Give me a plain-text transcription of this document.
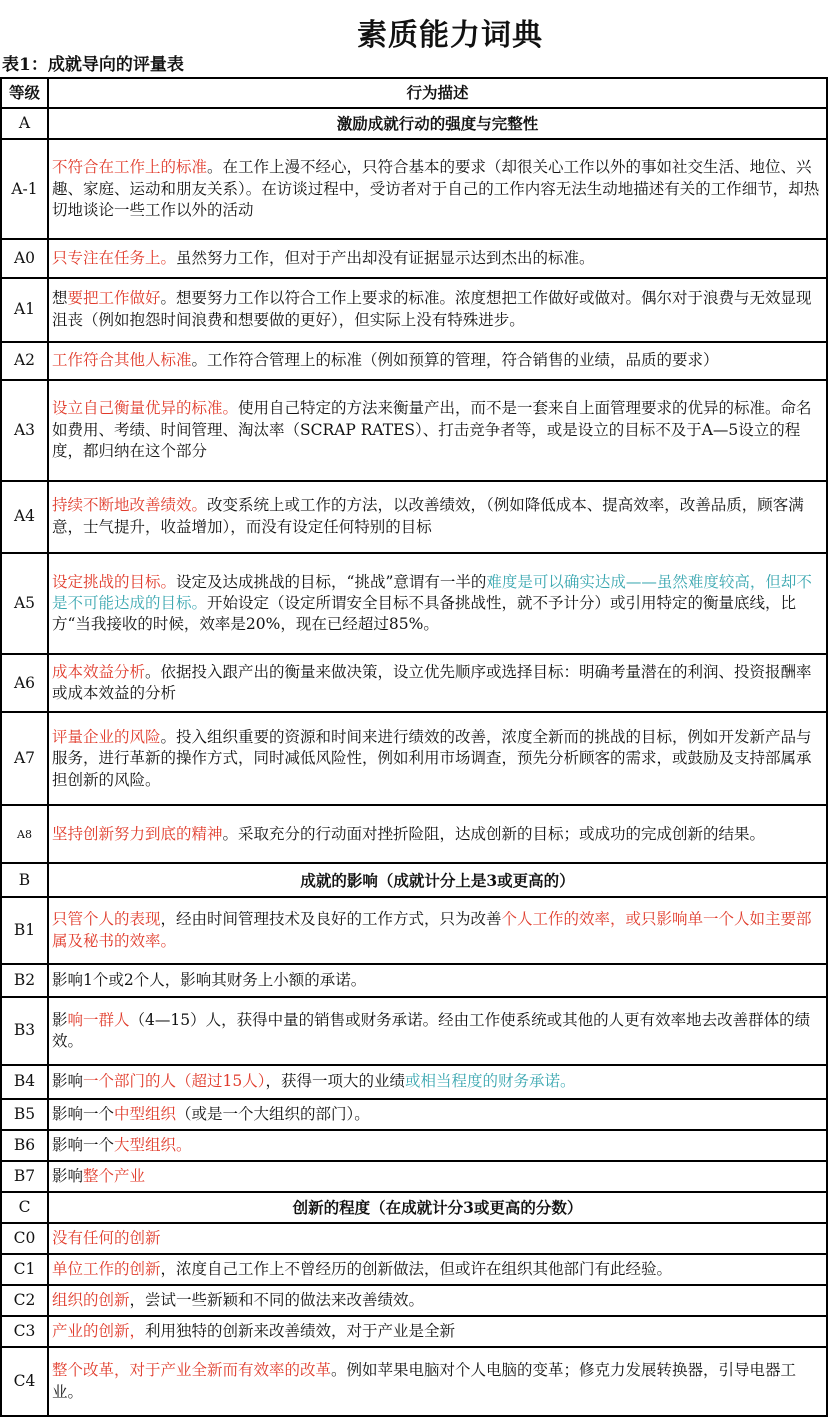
素质能力词典
表1：成就导向的评量表
等级	行为描述
A	激励成就行动的强度与完整性
A-1	不符合在工作上的标准。在工作上漫不经心，只符合基本的要求（却很关心工作以外的事如社交生活、地位、兴趣、家庭、运动和朋友关系）。在访谈过程中，受访者对于自己的工作内容无法生动地描述有关的工作细节，却热切地谈论一些工作以外的活动
A0	只专注在任务上。虽然努力工作，但对于产出却没有证据显示达到杰出的标准。
A1	想要把工作做好。想要努力工作以符合工作上要求的标准。浓度想把工作做好或做对。偶尔对于浪费与无效显现沮丧（例如抱怨时间浪费和想要做的更好），但实际上没有特殊进步。
A2	工作符合其他人标准。工作符合管理上的标准（例如预算的管理，符合销售的业绩，品质的要求）
A3	设立自己衡量优异的标准。使用自己特定的方法来衡量产出，而不是一套来自上面管理要求的优异的标准。命名如费用、考绩、时间管理、淘汰率（SCRAP RATES）、打击竞争者等，或是设立的目标不及于A—5设立的程度，都归纳在这个部分
A4	持续不断地改善绩效。改变系统上或工作的方法，以改善绩效，（例如降低成本、提高效率，改善品质，顾客满意，士气提升，收益增加），而没有设定任何特别的目标
A5	设定挑战的目标。设定及达成挑战的目标，“挑战”意谓有一半的难度是可以确实达成——虽然难度较高，但却不是不可能达成的目标。开始设定（设定所谓安全目标不具备挑战性，就不予计分）或引用特定的衡量底线，比方“当我接收的时候，效率是20%，现在已经超过85%。
A6	成本效益分析。依据投入跟产出的衡量来做决策，设立优先顺序或选择目标：明确考量潜在的利润、投资报酬率或成本效益的分析
A7	评量企业的风险。投入组织重要的资源和时间来进行绩效的改善，浓度全新而的挑战的目标，例如开发新产品与服务，进行革新的操作方式，同时减低风险性，例如利用市场调查，预先分析顾客的需求，或鼓励及支持部属承担创新的风险。
A8	坚持创新努力到底的精神。采取充分的行动面对挫折险阻，达成创新的目标；或成功的完成创新的结果。
B	成就的影响（成就计分上是3或更高的）
B1	只管个人的表现，经由时间管理技术及良好的工作方式，只为改善个人工作的效率，或只影响单一个人如主要部属及秘书的效率。
B2	影响1个或2个人，影响其财务上小额的承诺。
B3	影响一群人（4—15）人，获得中量的销售或财务承诺。经由工作使系统或其他的人更有效率地去改善群体的绩效。
B4	影响一个部门的人（超过15人），获得一项大的业绩或相当程度的财务承诺。
B5	影响一个中型组织（或是一个大组织的部门）。
B6	影响一个大型组织。
B7	影响整个产业
C	创新的程度（在成就计分3或更高的分数）
C0	没有任何的创新
C1	单位工作的创新，浓度自己工作上不曾经历的创新做法，但或许在组织其他部门有此经验。
C2	组织的创新，尝试一些新颖和不同的做法来改善绩效。
C3	产业的创新，利用独特的创新来改善绩效，对于产业是全新
C4	整个改革，对于产业全新而有效率的改革。例如苹果电脑对个人电脑的变革；修克力发展转换器，引导电器工业。
